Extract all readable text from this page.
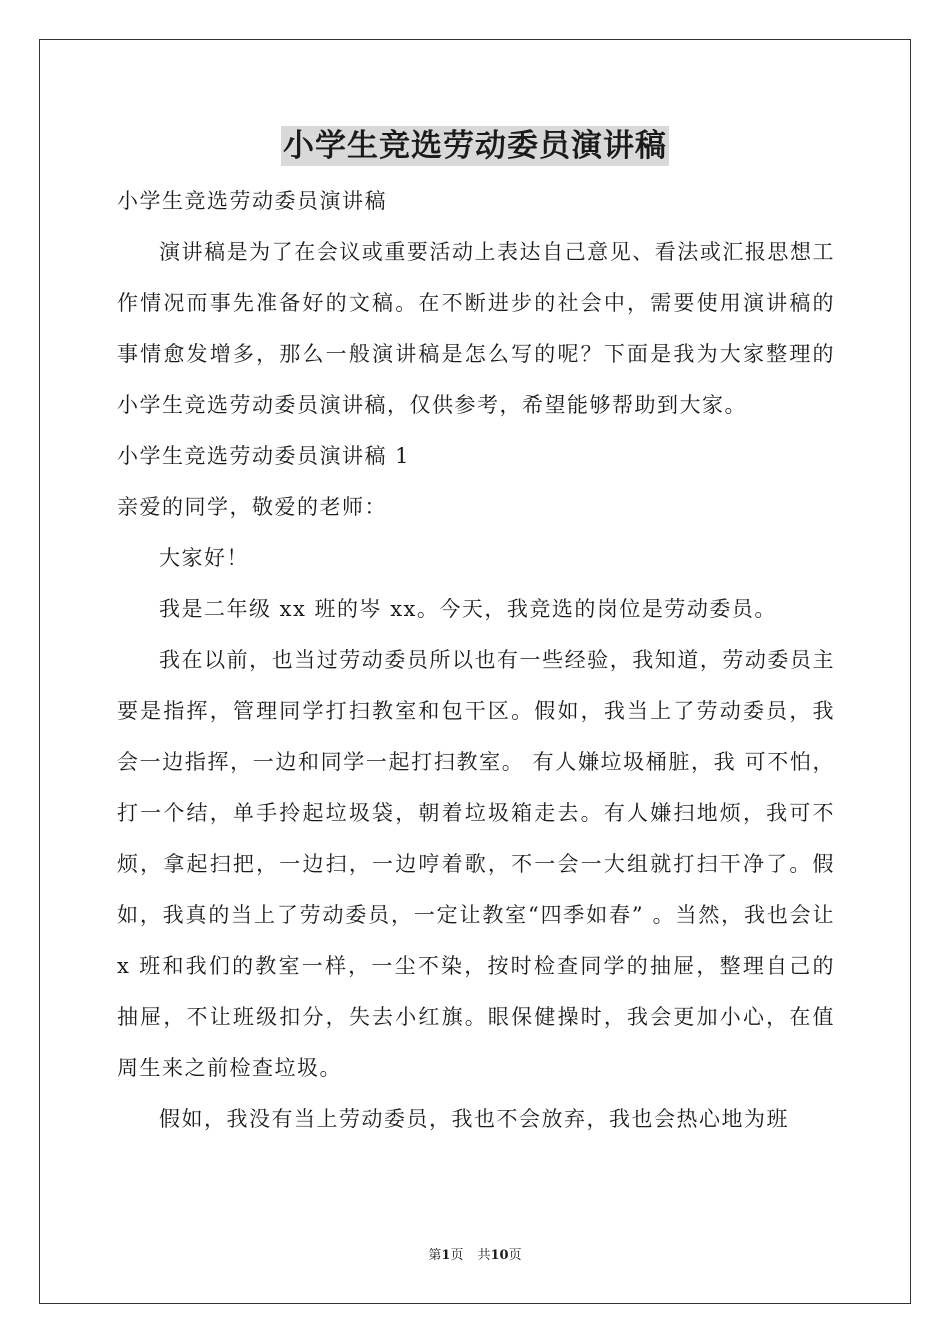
小学生竞选劳动委员演讲稿

小学生竞选劳动委员演讲稿

演讲稿是为了在会议或重要活动上表达自己意见、看法或汇报思想工作情况而事先准备好的文稿。在不断进步的社会中，需要使用演讲稿的事情愈发增多，那么一般演讲稿是怎么写的呢？下面是我为大家整理的小学生竞选劳动委员演讲稿，仅供参考，希望能够帮助到大家。

小学生竞选劳动委员演讲稿 1

亲爱的同学，敬爱的老师：

大家好！

我是二年级 xx 班的岑 xx。今天，我竞选的岗位是劳动委员。

我在以前，也当过劳动委员所以也有一些经验，我知道，劳动委员主要是指挥，管理同学打扫教室和包干区。假如，我当上了劳动委员，我会一边指挥，一边和同学一起打扫教室。 有人嫌垃圾桶脏，我 可不怕，打一个结，单手拎起垃圾袋，朝着垃圾箱走去。有人嫌扫地烦，我可不烦，拿起扫把，一边扫，一边哼着歌，不一会一大组就打扫干净了。假如，我真的当上了劳动委员，一定让教室“四季如春” 。当然，我也会让 x 班和我们的教室一样，一尘不染，按时检查同学的抽屉，整理自己的抽屉，不让班级扣分，失去小红旗。眼保健操时，我会更加小心，在值周生来之前检查垃圾。

假如，我没有当上劳动委员，我也不会放弃，我也会热心地为班

第1页 共10页
